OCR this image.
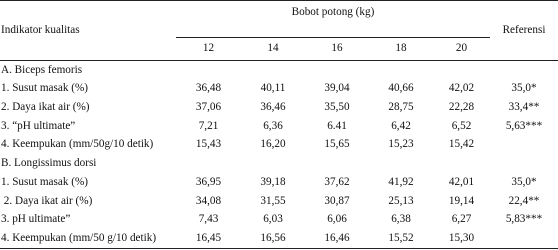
Indikator kualitas	Bobot potong (kg)					Referensi
	12	14	16	18	20	
A. Biceps femoris						
1. Susut masak (%)	36,48	40,11	39,04	40,66	42,02	35,0*
2. Daya ikat air (%)	37,06	36,46	35,50	28,75	22,28	33,4**
3. “pH ultimate”	7,21	6,36	6.41	6,42	6,52	5,63***
4. Keempukan (mm/50g/10 detik)	15,43	16,20	15,65	15,23	15,42	
B. Longissimus dorsi						
1. Susut masak (%)	36,95	39,18	37,62	41,92	42,01	35,0*
2. Daya ikat air (%)	34,08	31,55	30,87	25,13	19,14	22,4**
3. pH ultimate”	7,43	6,03	6,06	6,38	6,27	5,83***
4. Keempukan (mm/50 g/10 detik)	16,45	16,56	16,46	15,52	15,30	
